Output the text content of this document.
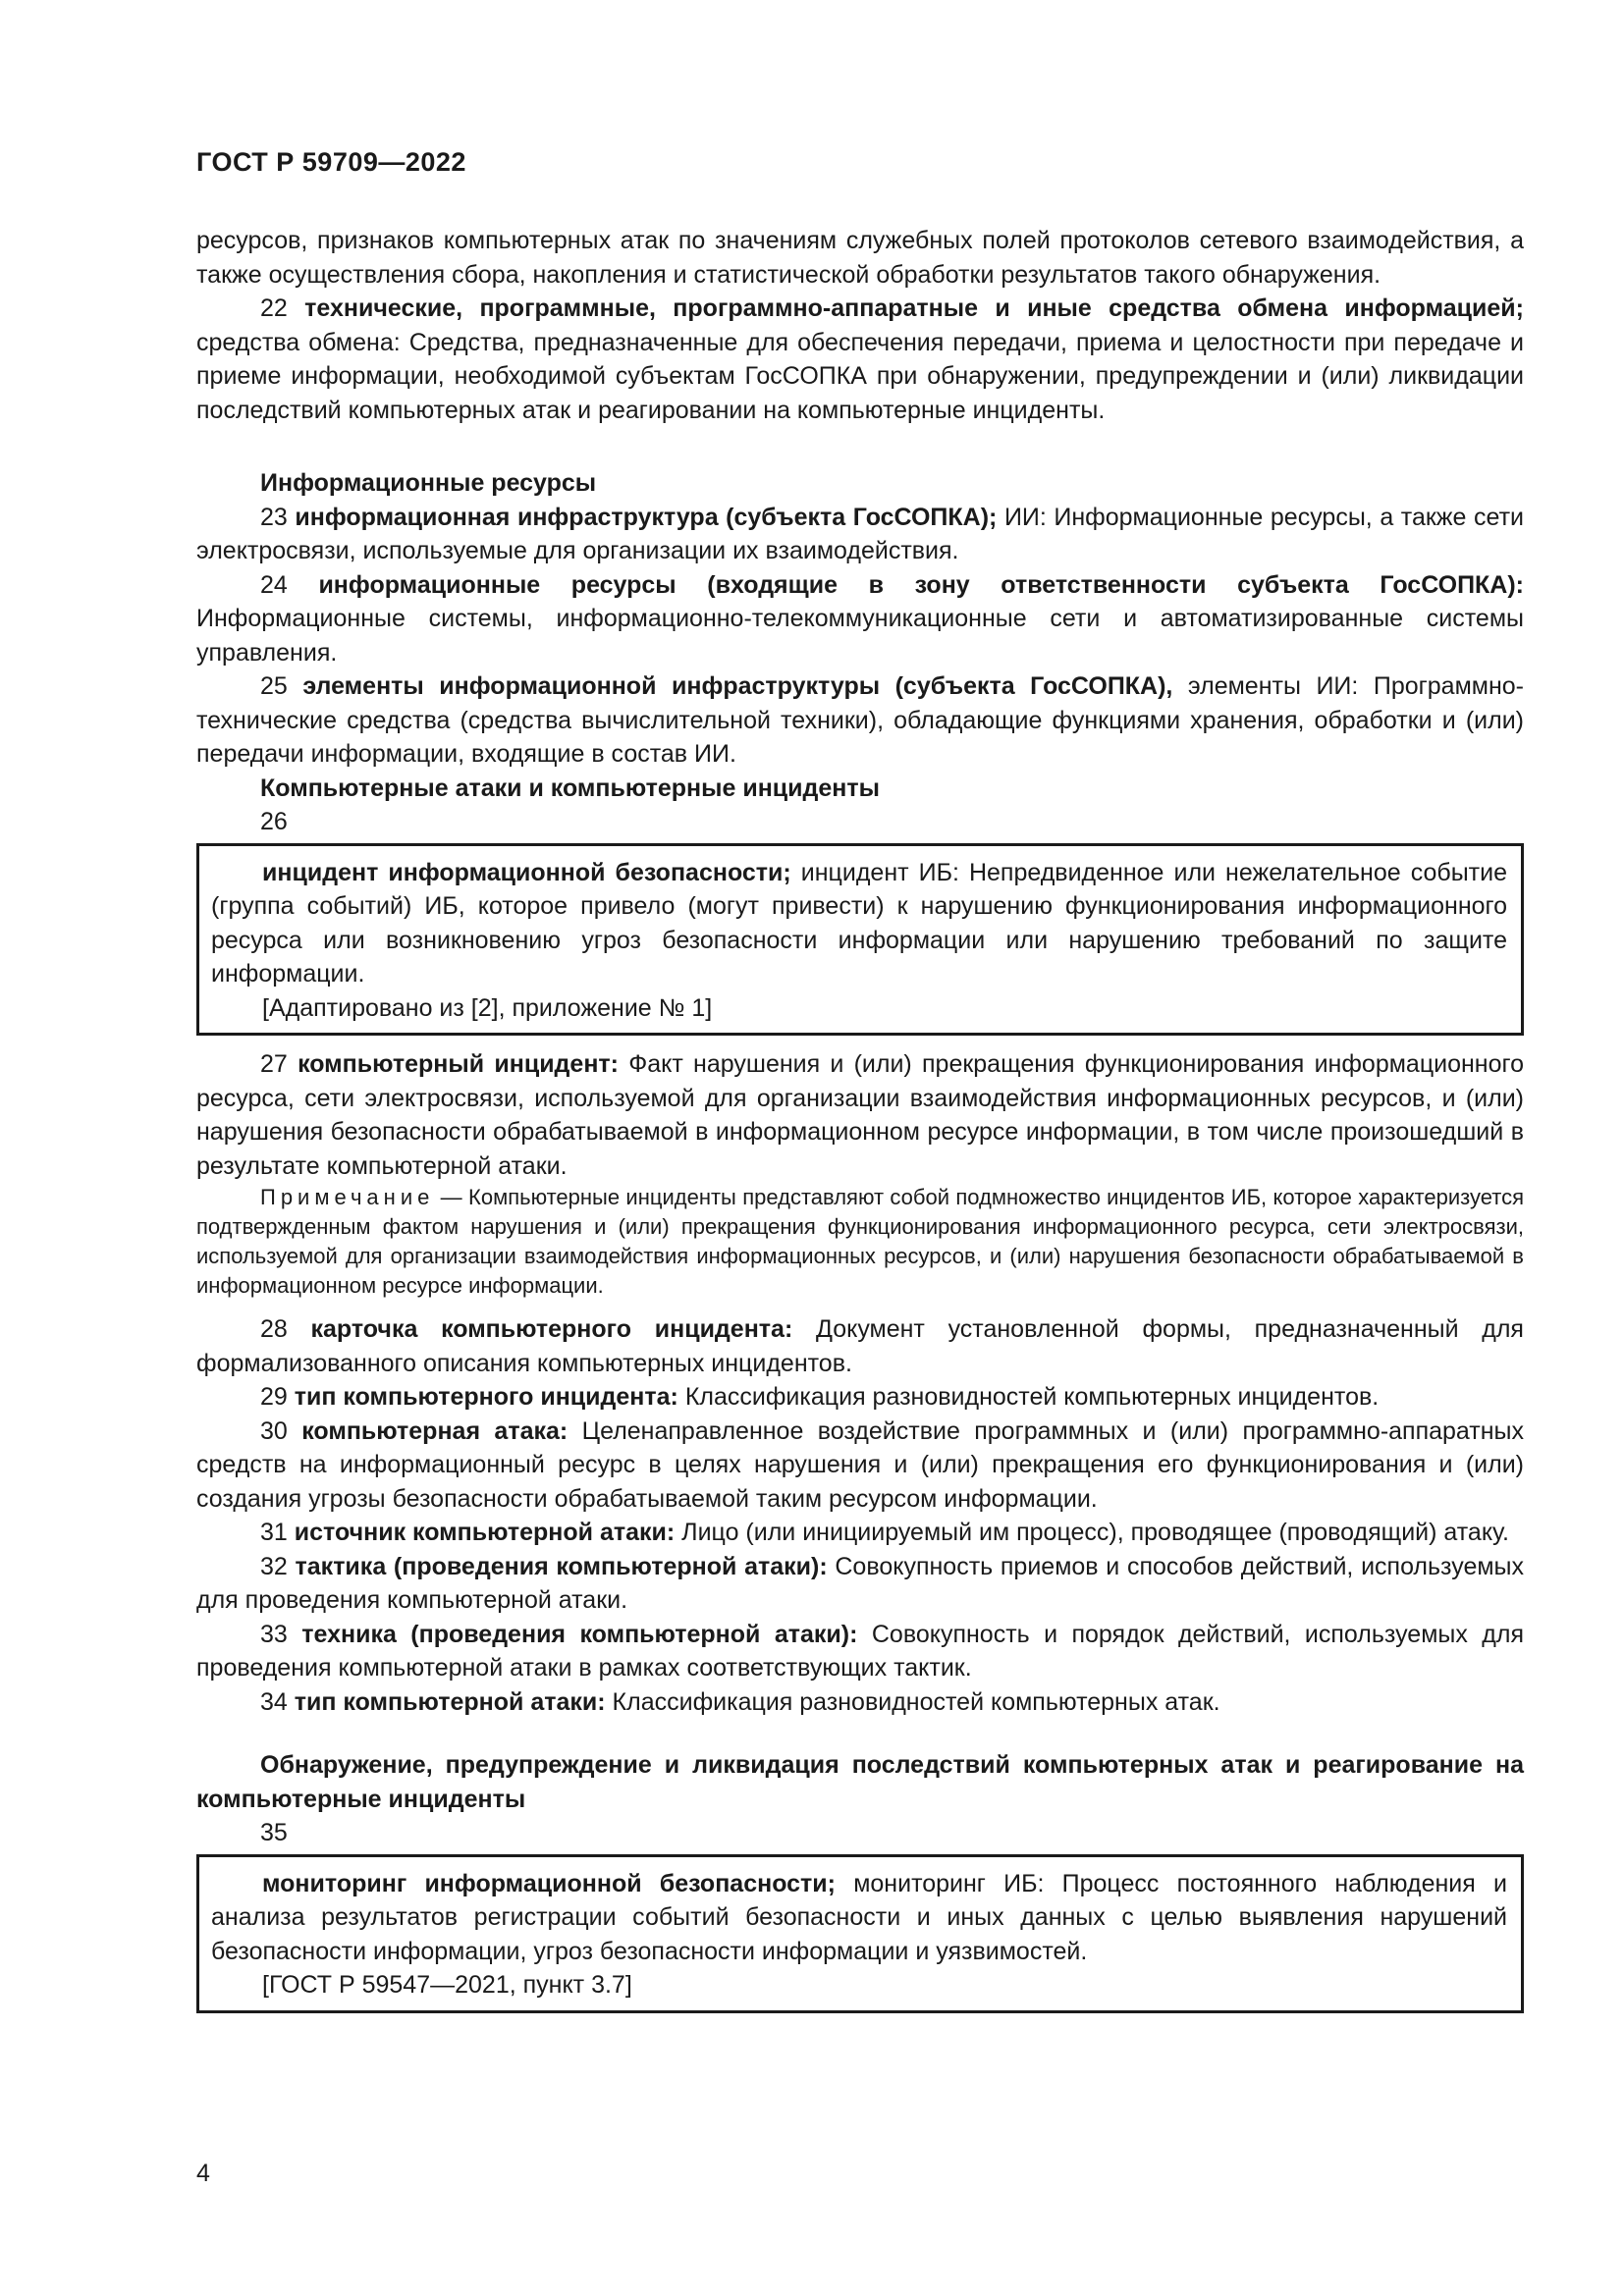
ГОСТ Р 59709—2022

ресурсов, признаков компьютерных атак по значениям служебных полей протоколов сетевого взаимодействия, а также осуществления сбора, накопления и статистической обработки результатов такого обнаружения.

22 технические, программные, программно-аппаратные и иные средства обмена информацией; средства обмена: Средства, предназначенные для обеспечения передачи, приема и целостности при передаче и приеме информации, необходимой субъектам ГосСОПКА при обнаружении, предупреждении и (или) ликвидации последствий компьютерных атак и реагировании на компьютерные инциденты.

Информационные ресурсы

23 информационная инфраструктура (субъекта ГосСОПКА); ИИ: Информационные ресурсы, а также сети электросвязи, используемые для организации их взаимодействия.

24 информационные ресурсы (входящие в зону ответственности субъекта ГосСОПКА): Информационные системы, информационно-телекоммуникационные сети и автоматизированные системы управления.

25 элементы информационной инфраструктуры (субъекта ГосСОПКА), элементы ИИ: Программно-технические средства (средства вычислительной техники), обладающие функциями хранения, обработки и (или) передачи информации, входящие в состав ИИ.

Компьютерные атаки и компьютерные инциденты

26

инцидент информационной безопасности; инцидент ИБ: Непредвиденное или нежелательное событие (группа событий) ИБ, которое привело (могут привести) к нарушению функционирования информационного ресурса или возникновению угроз безопасности информации или нарушению требований по защите информации.

[Адаптировано из [2], приложение № 1]

27 компьютерный инцидент: Факт нарушения и (или) прекращения функционирования информационного ресурса, сети электросвязи, используемой для организации взаимодействия информационных ресурсов, и (или) нарушения безопасности обрабатываемой в информационном ресурсе информации, в том числе произошедший в результате компьютерной атаки.

Примечание — Компьютерные инциденты представляют собой подмножество инцидентов ИБ, которое характеризуется подтвержденным фактом нарушения и (или) прекращения функционирования информационного ресурса, сети электросвязи, используемой для организации взаимодействия информационных ресурсов, и (или) нарушения безопасности обрабатываемой в информационном ресурсе информации.

28 карточка компьютерного инцидента: Документ установленной формы, предназначенный для формализованного описания компьютерных инцидентов.

29 тип компьютерного инцидента: Классификация разновидностей компьютерных инцидентов.

30 компьютерная атака: Целенаправленное воздействие программных и (или) программно-аппаратных средств на информационный ресурс в целях нарушения и (или) прекращения его функционирования и (или) создания угрозы безопасности обрабатываемой таким ресурсом информации.

31 источник компьютерной атаки: Лицо (или инициируемый им процесс), проводящее (проводящий) атаку.

32 тактика (проведения компьютерной атаки): Совокупность приемов и способов действий, используемых для проведения компьютерной атаки.

33 техника (проведения компьютерной атаки): Совокупность и порядок действий, используемых для проведения компьютерной атаки в рамках соответствующих тактик.

34 тип компьютерной атаки: Классификация разновидностей компьютерных атак.

Обнаружение, предупреждение и ликвидация последствий компьютерных атак и реагирование на компьютерные инциденты

35

мониторинг информационной безопасности; мониторинг ИБ: Процесс постоянного наблюдения и анализа результатов регистрации событий безопасности и иных данных с целью выявления нарушений безопасности информации, угроз безопасности информации и уязвимостей.

[ГОСТ Р 59547—2021, пункт 3.7]

4
